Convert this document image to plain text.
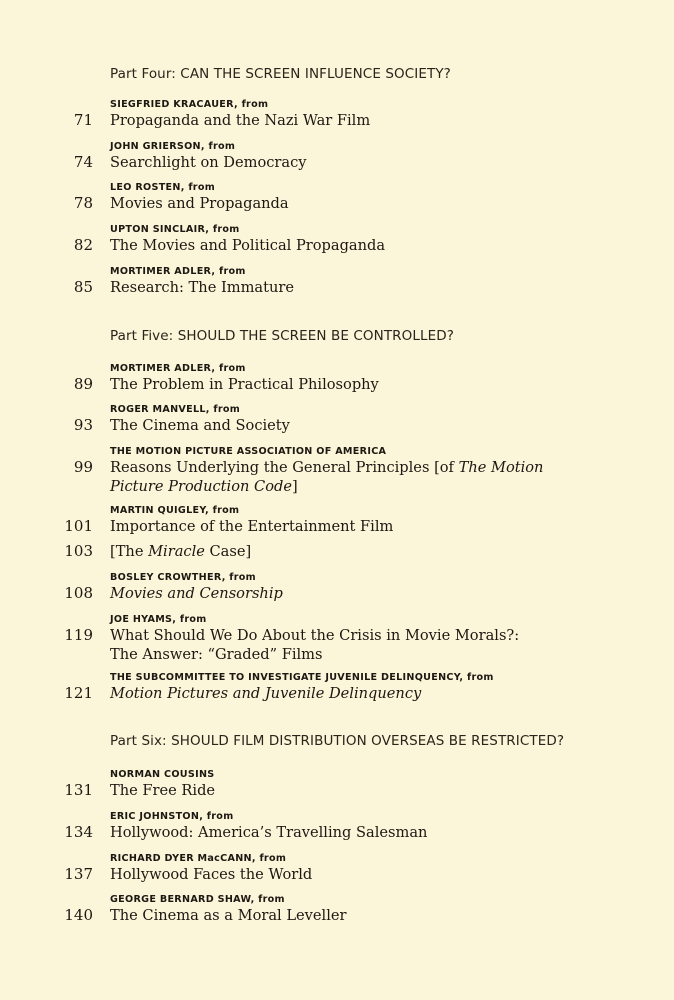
Part Four: CAN THE SCREEN INFLUENCE SOCIETY?
SIEGFRIED KRACAUER, from
71 Propaganda and the Nazi War Film
JOHN GRIERSON, from
74 Searchlight on Democracy
LEO ROSTEN, from
78 Movies and Propaganda
UPTON SINCLAIR, from
82 The Movies and Political Propaganda
MORTIMER ADLER, from
85 Research: The Immature
Part Five: SHOULD THE SCREEN BE CONTROLLED?
MORTIMER ADLER, from
89 The Problem in Practical Philosophy
ROGER MANVELL, from
93 The Cinema and Society
THE MOTION PICTURE ASSOCIATION OF AMERICA
99 Reasons Underlying the General Principles [of The Motion Picture Production Code]
MARTIN QUIGLEY, from
101 Importance of the Entertainment Film
103 [The Miracle Case]
BOSLEY CROWTHER, from
108 Movies and Censorship
JOE HYAMS, from
119 What Should We Do About the Crisis in Movie Morals?:
The Answer: “Graded” Films
THE SUBCOMMITTEE TO INVESTIGATE JUVENILE DELINQUENCY, from
121 Motion Pictures and Juvenile Delinquency
Part Six: SHOULD FILM DISTRIBUTION OVERSEAS BE RESTRICTED?
NORMAN COUSINS
131 The Free Ride
ERIC JOHNSTON, from
134 Hollywood: America’s Travelling Salesman
RICHARD DYER MacCANN, from
137 Hollywood Faces the World
GEORGE BERNARD SHAW, from
140 The Cinema as a Moral Leveller
